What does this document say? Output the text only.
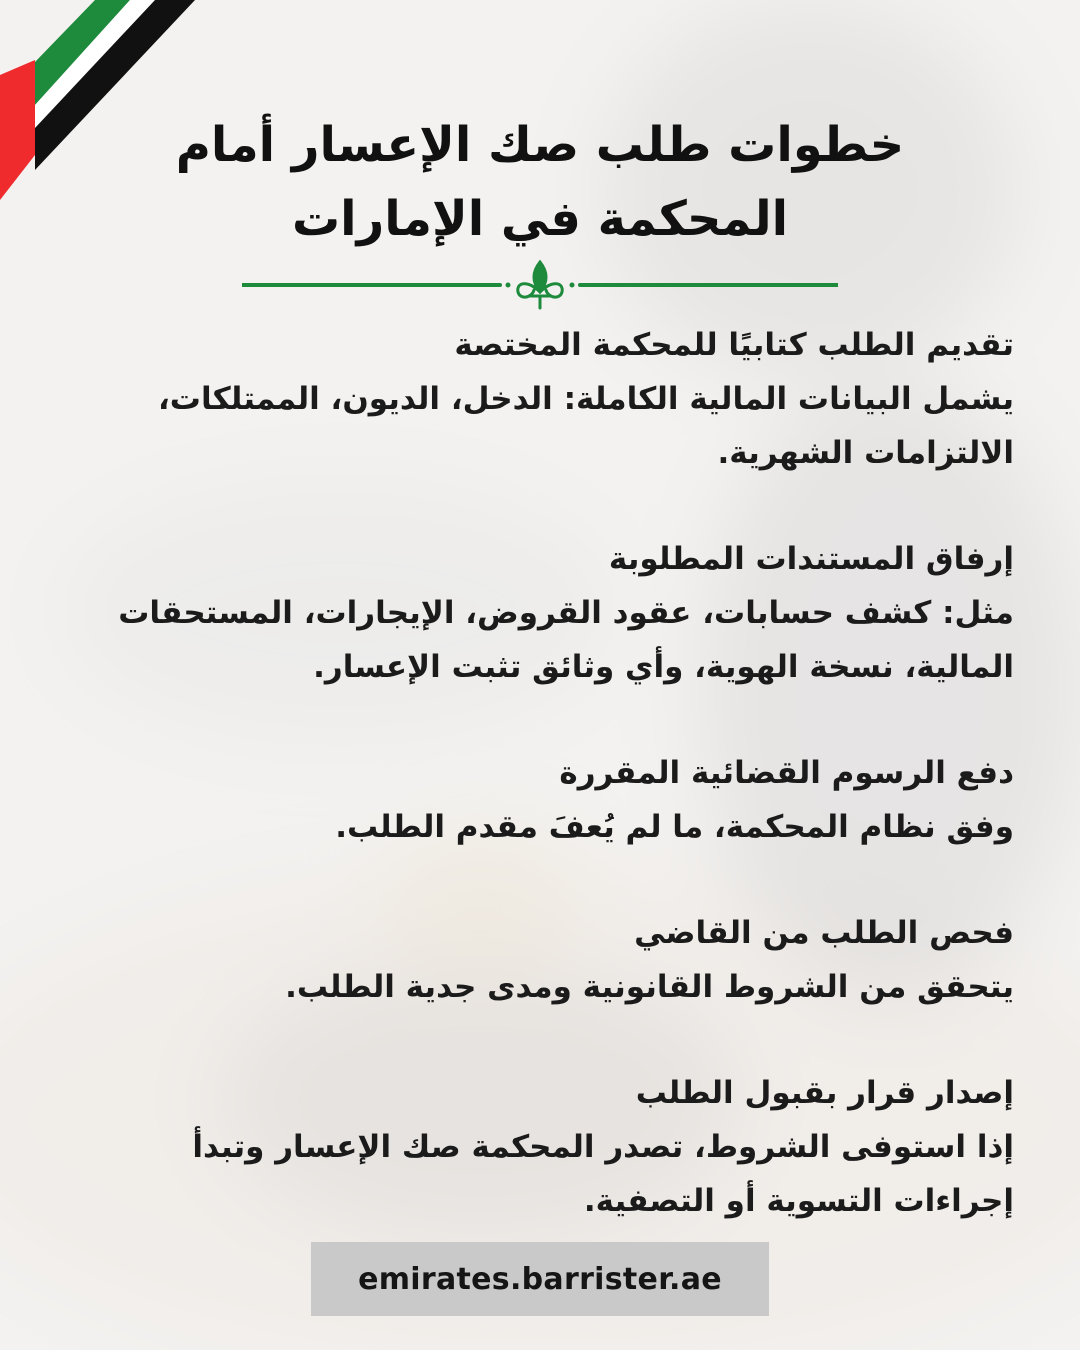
خطوات طلب صك الإعسار أمام
المحكمة في الإمارات
تقديم الطلب كتابيًا للمحكمة المختصة
يشمل البيانات المالية الكاملة: الدخل، الديون، الممتلكات، الالتزامات الشهرية.
إرفاق المستندات المطلوبة
مثل: كشف حسابات، عقود القروض، الإيجارات، المستحقات المالية، نسخة الهوية، وأي وثائق تثبت الإعسار.
دفع الرسوم القضائية المقررة
وفق نظام المحكمة، ما لم يُعفَ مقدم الطلب.
فحص الطلب من القاضي
يتحقق من الشروط القانونية ومدى جدية الطلب.
إصدار قرار بقبول الطلب
إذا استوفى الشروط، تصدر المحكمة صك الإعسار وتبدأ إجراءات التسوية أو التصفية.
emirates.barrister.ae
